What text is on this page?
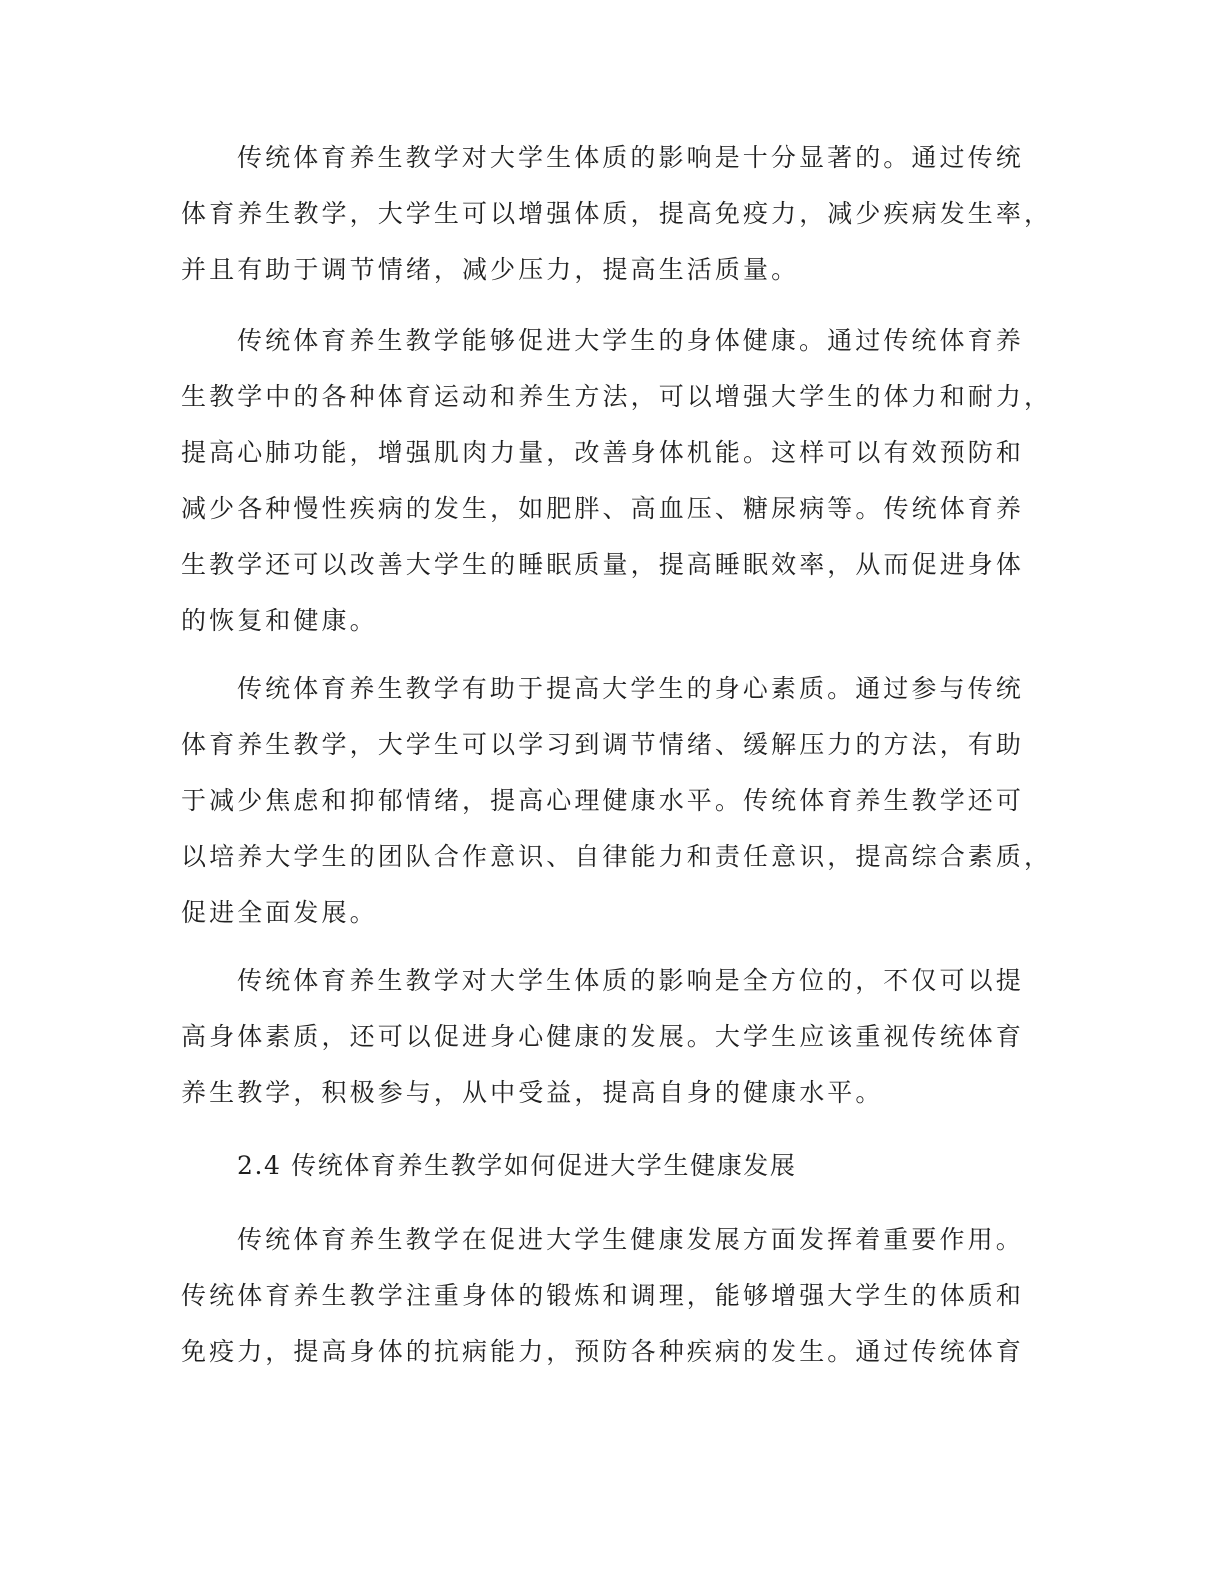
传统体育养生教学对大学生体质的影响是十分显著的。通过传统
体育养生教学，大学生可以增强体质，提高免疫力，减少疾病发生率，
并且有助于调节情绪，减少压力，提高生活质量。
传统体育养生教学能够促进大学生的身体健康。通过传统体育养
生教学中的各种体育运动和养生方法，可以增强大学生的体力和耐力，
提高心肺功能，增强肌肉力量，改善身体机能。这样可以有效预防和
减少各种慢性疾病的发生，如肥胖、高血压、糖尿病等。传统体育养
生教学还可以改善大学生的睡眠质量，提高睡眠效率，从而促进身体
的恢复和健康。
传统体育养生教学有助于提高大学生的身心素质。通过参与传统
体育养生教学，大学生可以学习到调节情绪、缓解压力的方法，有助
于减少焦虑和抑郁情绪，提高心理健康水平。传统体育养生教学还可
以培养大学生的团队合作意识、自律能力和责任意识，提高综合素质，
促进全面发展。
传统体育养生教学对大学生体质的影响是全方位的，不仅可以提
高身体素质，还可以促进身心健康的发展。大学生应该重视传统体育
养生教学，积极参与，从中受益，提高自身的健康水平。
2.4 传统体育养生教学如何促进大学生健康发展
传统体育养生教学在促进大学生健康发展方面发挥着重要作用。
传统体育养生教学注重身体的锻炼和调理，能够增强大学生的体质和
免疫力，提高身体的抗病能力，预防各种疾病的发生。通过传统体育
